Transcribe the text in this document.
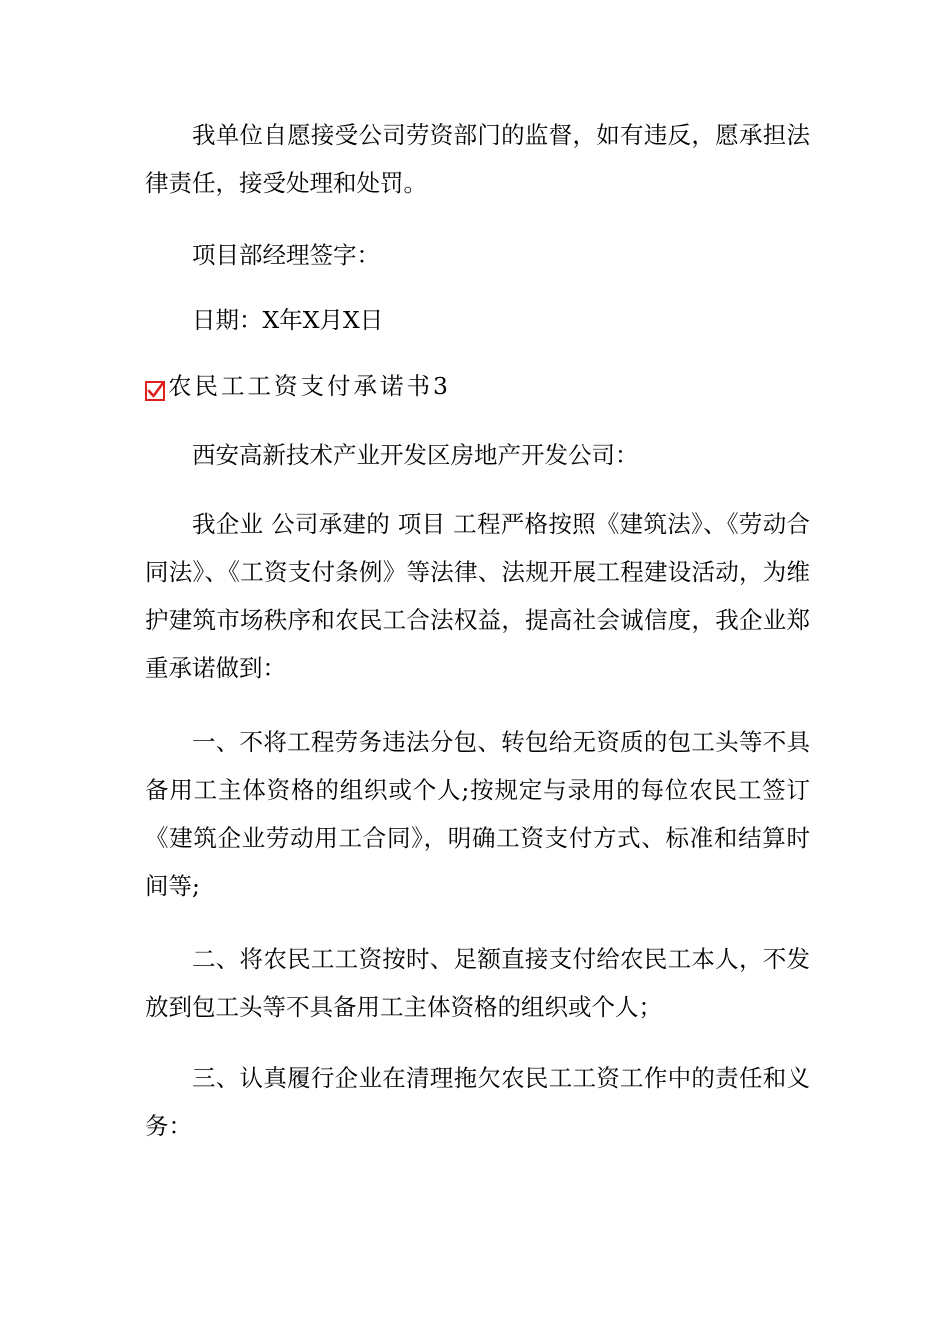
我单位自愿接受公司劳资部门的监督，如有违反，愿承担法律责任，接受处理和处罚。

项目部经理签字：

日期：X年X月X日

农民工工资支付承诺书3

西安高新技术产业开发区房地产开发公司：

我企业 公司承建的 项目 工程严格按照《建筑法》、《劳动合同法》、《工资支付条例》等法律、法规开展工程建设活动，为维护建筑市场秩序和农民工合法权益，提高社会诚信度，我企业郑重承诺做到：

一、不将工程劳务违法分包、转包给无资质的包工头等不具备用工主体资格的组织或个人;按规定与录用的每位农民工签订《建筑企业劳动用工合同》，明确工资支付方式、标准和结算时间等;

二、将农民工工资按时、足额直接支付给农民工本人，不发放到包工头等不具备用工主体资格的组织或个人；

三、认真履行企业在清理拖欠农民工工资工作中的责任和义务：
